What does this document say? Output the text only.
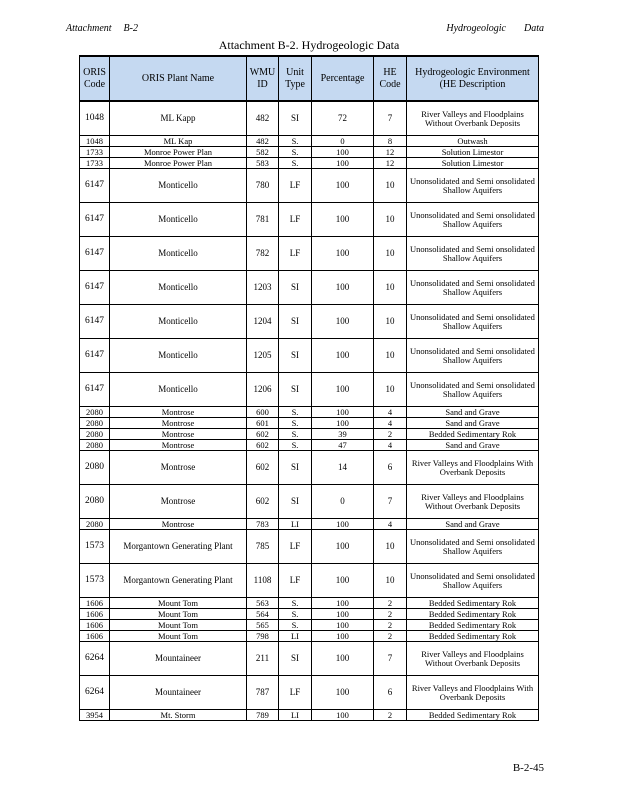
Attachment B-2	Hydrogeologic Data
Attachment B-2. Hydrogeologic Data
ORIS Code	ORIS Plant Name	WMU ID	Unit Type	Percentage	HE Code	Hydrogeologic Environment (HE Description
1048	ML Kapp	482	SI	72	7	River Valleys and Floodplains Without Overbank Deposits
1048	ML Kap	482	S.	0	8	Outwash
1733	Monroe Power Plan	582	S.	100	12	Solution Limestor
1733	Monroe Power Plan	583	S.	100	12	Solution Limestor
6147	Monticello	780	LF	100	10	Unonsolidated and Semi onsolidated Shallow Aquifers
6147	Monticello	781	LF	100	10	Unonsolidated and Semi onsolidated Shallow Aquifers
6147	Monticello	782	LF	100	10	Unonsolidated and Semi onsolidated Shallow Aquifers
6147	Monticello	1203	SI	100	10	Unonsolidated and Semi onsolidated Shallow Aquifers
6147	Monticello	1204	SI	100	10	Unonsolidated and Semi onsolidated Shallow Aquifers
6147	Monticello	1205	SI	100	10	Unonsolidated and Semi onsolidated Shallow Aquifers
6147	Monticello	1206	SI	100	10	Unonsolidated and Semi onsolidated Shallow Aquifers
2080	Montrose	600	S.	100	4	Sand and Grave
2080	Montrose	601	S.	100	4	Sand and Grave
2080	Montrose	602	S.	39	2	Bedded Sedimentary Rok
2080	Montrose	602	S.	47	4	Sand and Grave
2080	Montrose	602	SI	14	6	River Valleys and Floodplains With Overbank Deposits
2080	Montrose	602	SI	0	7	River Valleys and Floodplains Without Overbank Deposits
2080	Montrose	783	LI	100	4	Sand and Grave
1573	Morgantown Generating Plant	785	LF	100	10	Unonsolidated and Semi onsolidated Shallow Aquifers
1573	Morgantown Generating Plant	1108	LF	100	10	Unonsolidated and Semi onsolidated Shallow Aquifers
1606	Mount Tom	563	S.	100	2	Bedded Sedimentary Rok
1606	Mount Tom	564	S.	100	2	Bedded Sedimentary Rok
1606	Mount Tom	565	S.	100	2	Bedded Sedimentary Rok
1606	Mount Tom	798	LI	100	2	Bedded Sedimentary Rok
6264	Mountaineer	211	SI	100	7	River Valleys and Floodplains Without Overbank Deposits
6264	Mountaineer	787	LF	100	6	River Valleys and Floodplains With Overbank Deposits
3954	Mt. Storm	789	LI	100	2	Bedded Sedimentary Rok
B-2-45
